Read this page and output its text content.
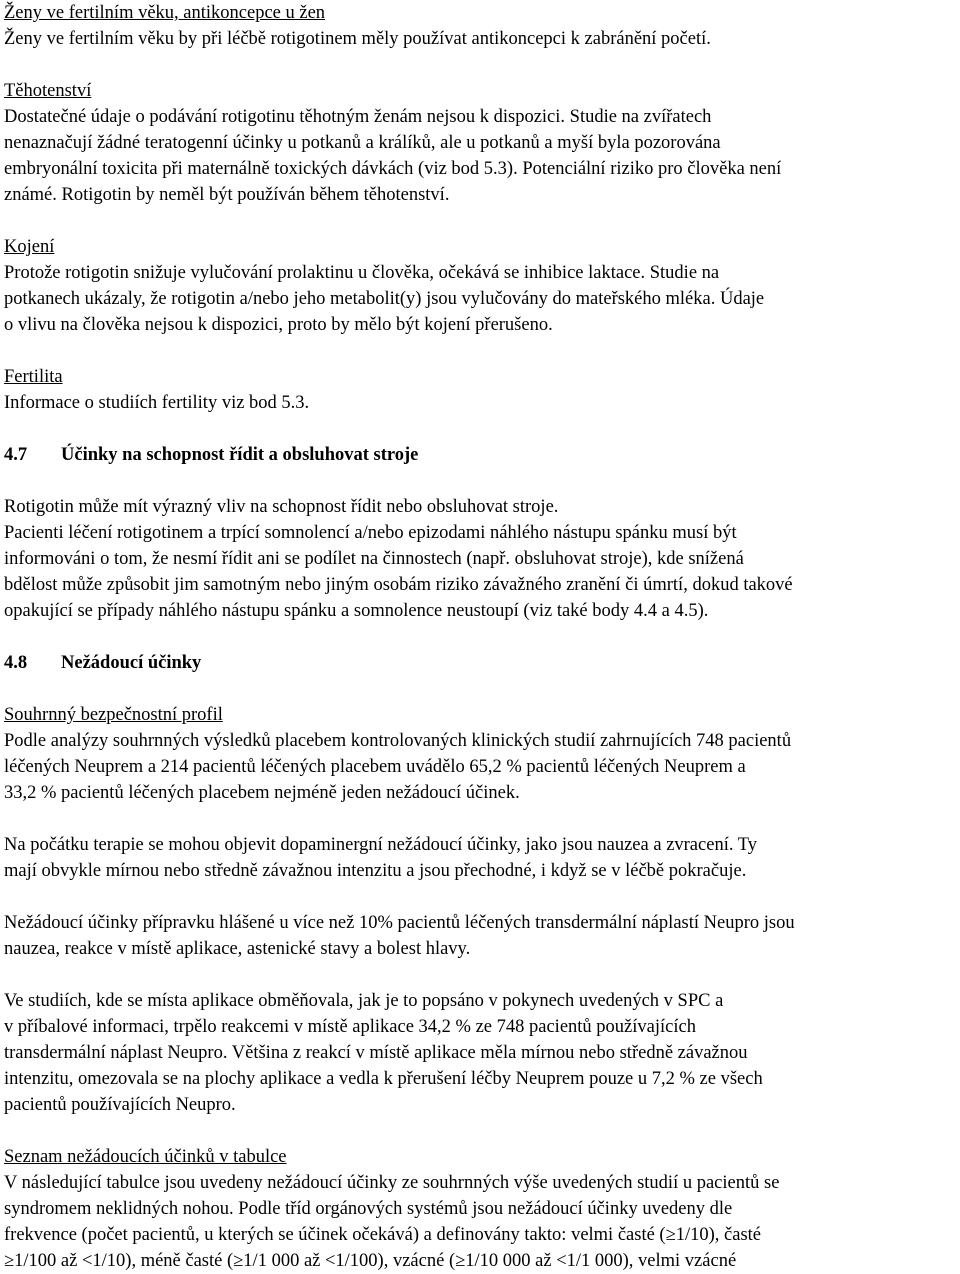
Ženy ve fertilním věku, antikoncepce u žen

Ženy ve fertilním věku by při léčbě rotigotinem měly používat antikoncepci k zabránění početí.

Těhotenství

Dostatečné údaje o podávání rotigotinu těhotným ženám nejsou k dispozici. Studie na zvířatech

nenaznačují žádné teratogenní účinky u potkanů a králíků, ale u potkanů a myší byla pozorována

embryonální toxicita při maternálně toxických dávkách (viz bod 5.3). Potenciální riziko pro člověka není

známé. Rotigotin by neměl být používán během těhotenství.

Kojení

Protože rotigotin snižuje vylučování prolaktinu u člověka, očekává se inhibice laktace. Studie na

potkanech ukázaly, že rotigotin a/nebo jeho metabolit(y) jsou vylučovány do mateřského mléka. Údaje

o vlivu na člověka nejsou k dispozici, proto by mělo být kojení přerušeno.

Fertilita

Informace o studiích fertility viz bod 5.3.

4.7	Účinky na schopnost řídit a obsluhovat stroje

Rotigotin může mít výrazný vliv na schopnost řídit nebo obsluhovat stroje.

Pacienti léčení rotigotinem a trpící somnolencí a/nebo epizodami náhlého nástupu spánku musí být

informováni o tom, že nesmí řídit ani se podílet na činnostech (např. obsluhovat stroje), kde snížená

bdělost může způsobit jim samotným nebo jiným osobám riziko závažného zranění či úmrtí, dokud takové

opakující se případy náhlého nástupu spánku a somnolence neustoupí (viz také body 4.4 a 4.5).

4.8	Nežádoucí účinky

Souhrnný bezpečnostní profil

Podle analýzy souhrnných výsledků placebem kontrolovaných klinických studií zahrnujících 748 pacientů

léčených Neuprem a 214 pacientů léčených placebem uvádělo 65,2 % pacientů léčených Neuprem a

33,2 % pacientů léčených placebem nejméně jeden nežádoucí účinek.

Na počátku terapie se mohou objevit dopaminergní nežádoucí účinky, jako jsou nauzea a zvracení. Ty

mají obvykle mírnou nebo středně závažnou intenzitu a jsou přechodné, i když se v léčbě pokračuje.

Nežádoucí účinky přípravku hlášené u více než 10% pacientů léčených transdermální náplastí Neupro jsou

nauzea, reakce v místě aplikace, astenické stavy a bolest hlavy.

Ve studiích, kde se místa aplikace obměňovala, jak je to popsáno v pokynech uvedených v SPC a

v příbalové informaci, trpělo reakcemi v místě aplikace 34,2 % ze 748 pacientů používajících

transdermální náplast Neupro. Většina z reakcí v místě aplikace měla mírnou nebo středně závažnou

intenzitu, omezovala se na plochy aplikace a vedla k přerušení léčby Neuprem pouze u 7,2 % ze všech

pacientů používajících Neupro.

Seznam nežádoucích účinků v tabulce

V následující tabulce jsou uvedeny nežádoucí účinky ze souhrnných výše uvedených studií u pacientů se

syndromem neklidných nohou. Podle tříd orgánových systémů jsou nežádoucí účinky uvedeny dle

frekvence (počet pacientů, u kterých se účinek očekává) a definovány takto: velmi časté (≥1/10), časté

≥1/100 až <1/10), méně časté (≥1/1 000 až <1/100), vzácné (≥1/10 000 až <1/1 000), velmi vzácné
